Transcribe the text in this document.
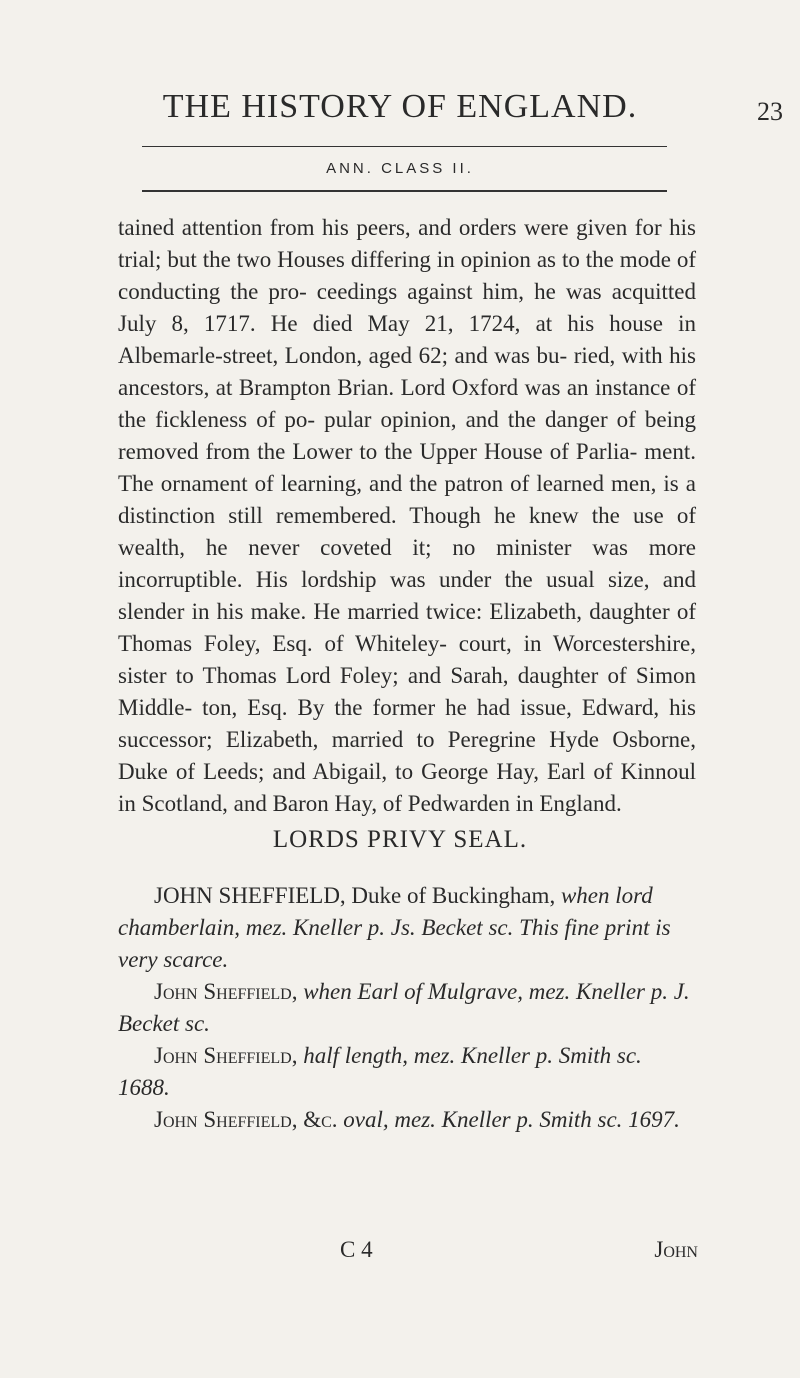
THE HISTORY OF ENGLAND.	23
ANN. CLASS II.
tained attention from his peers, and orders were given for his trial; but the two Houses differing in opinion as to the mode of conducting the pro- ceedings against him, he was acquitted July 8, 1717. He died May 21, 1724, at his house in Albemarle-street, London, aged 62; and was bu- ried, with his ancestors, at Brampton Brian. Lord Oxford was an instance of the fickleness of po- pular opinion, and the danger of being removed from the Lower to the Upper House of Parlia- ment. The ornament of learning, and the patron of learned men, is a distinction still remembered. Though he knew the use of wealth, he never coveted it; no minister was more incorruptible. His lordship was under the usual size, and slender in his make. He married twice: Elizabeth, daughter of Thomas Foley, Esq. of Whiteley- court, in Worcestershire, sister to Thomas Lord Foley; and Sarah, daughter of Simon Middle- ton, Esq. By the former he had issue, Edward, his successor; Elizabeth, married to Peregrine Hyde Osborne, Duke of Leeds; and Abigail, to George Hay, Earl of Kinnoul in Scotland, and Baron Hay, of Pedwarden in England.
LORDS PRIVY SEAL.
JOHN SHEFFIELD, Duke of Buckingham, when lord chamberlain, mez. Kneller p. Js. Becket sc. This fine print is very scarce.
John Sheffield, when Earl of Mulgrave, mez. Kneller p. J. Becket sc.
John Sheffield, half length, mez. Kneller p. Smith sc. 1688.
John Sheffield, &c. oval, mez. Kneller p. Smith sc. 1697.
C 4	John
